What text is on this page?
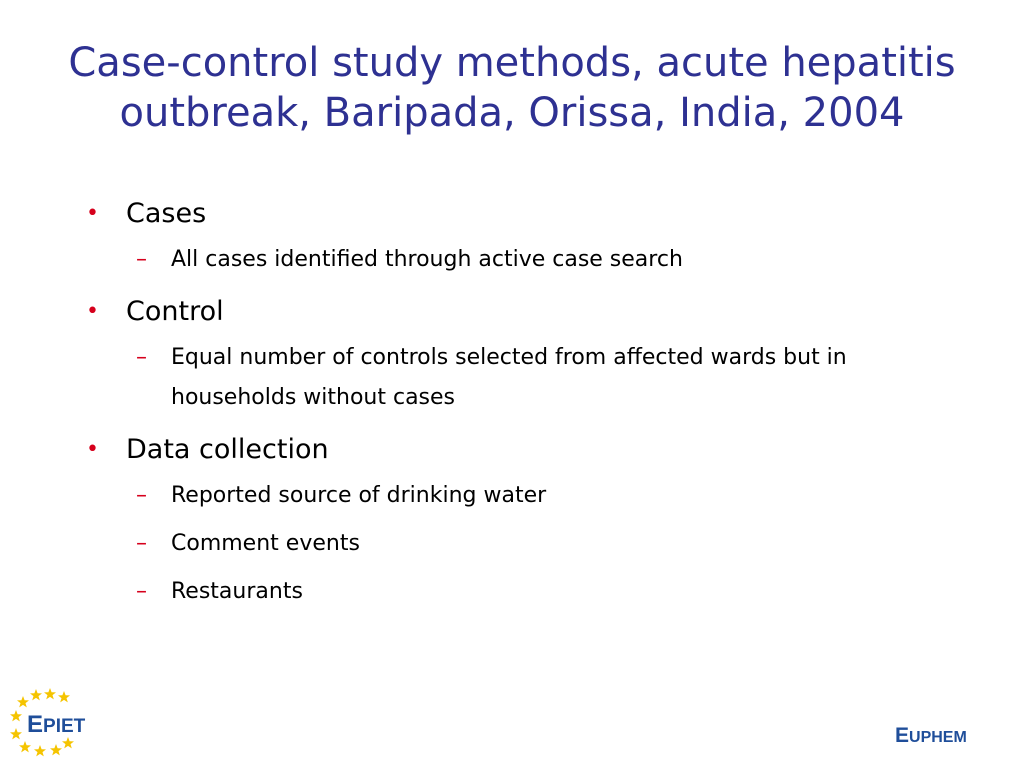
Case-control study methods, acute hepatitis
outbreak, Baripada, Orissa, India, 2004
• Cases
– All cases identified through active case search
• Control
– Equal number of controls selected from affected wards but in households without cases
• Data collection
– Reported source of drinking water
– Comment events
– Restaurants
EPIET	EUPHEM
